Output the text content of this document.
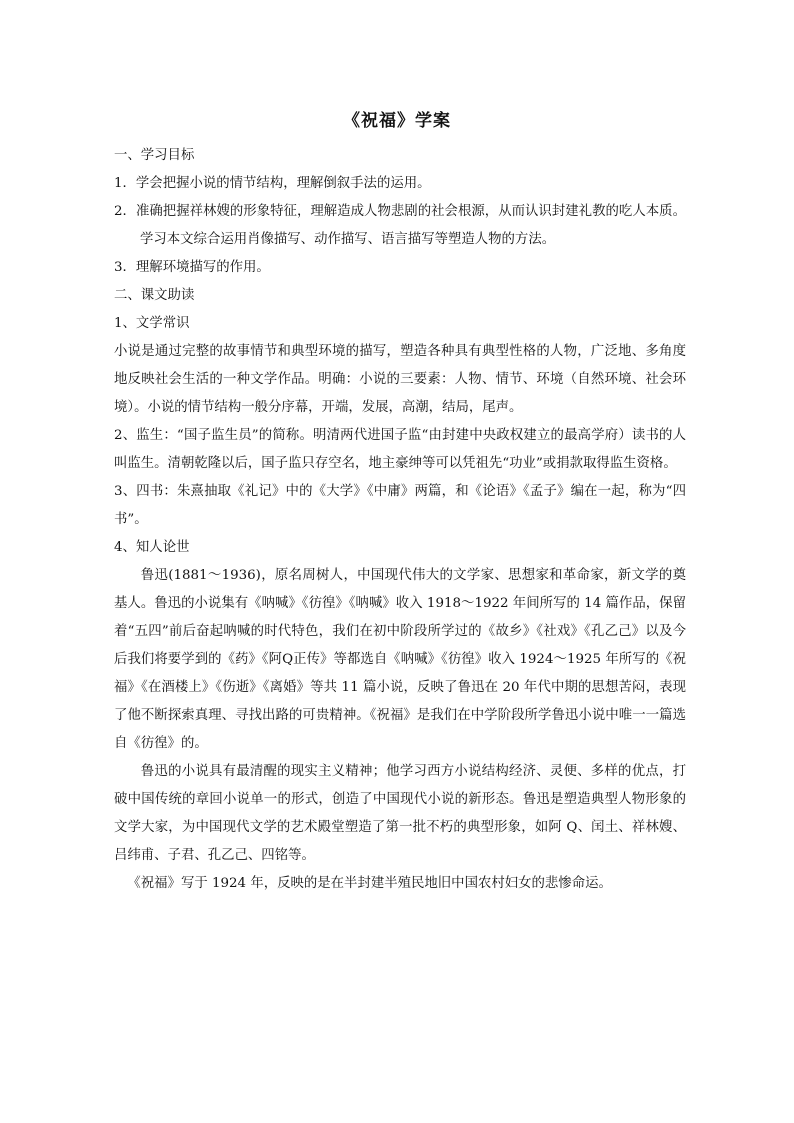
《祝福》学案

一、学习目标

1．学会把握小说的情节结构，理解倒叙手法的运用。

2．准确把握祥林嫂的形象特征，理解造成人物悲剧的社会根源，从而认识封建礼教的吃人本质。学习本文综合运用肖像描写、动作描写、语言描写等塑造人物的方法。

3．理解环境描写的作用。

二、课文助读

1、文学常识

小说是通过完整的故事情节和典型环境的描写，塑造各种具有典型性格的人物，广泛地、多角度地反映社会生活的一种文学作品。明确：小说的三要素：人物、情节、环境（自然环境、社会环境）。小说的情节结构一般分序幕，开端，发展，高潮，结局，尾声。

2、监生：“国子监生员”的简称。明清两代进国子监“由封建中央政权建立的最高学府）读书的人叫监生。清朝乾隆以后，国子监只存空名，地主豪绅等可以凭祖先“功业”或捐款取得监生资格。

3、四书：朱熹抽取《礼记》中的《大学》《中庸》两篇，和《论语》《孟子》编在一起，称为“四书”。

4、知人论世

鲁迅(1881～1936)，原名周树人，中国现代伟大的文学家、思想家和革命家，新文学的奠基人。鲁迅的小说集有《呐喊》《彷徨》《呐喊》收入 1918～1922 年间所写的 14 篇作品，保留着“五四”前后奋起呐喊的时代特色，我们在初中阶段所学过的《故乡》《社戏》《孔乙己》以及今后我们将要学到的《药》《阿Q正传》等都选自《呐喊》《彷徨》收入 1924～1925 年所写的《祝福》《在酒楼上》《伤逝》《离婚》等共 11 篇小说，反映了鲁迅在 20 年代中期的思想苦闷，表现了他不断探索真理、寻找出路的可贵精神。《祝福》是我们在中学阶段所学鲁迅小说中唯一一篇选自《彷徨》的。

鲁迅的小说具有最清醒的现实主义精神；他学习西方小说结构经济、灵便、多样的优点，打破中国传统的章回小说单一的形式，创造了中国现代小说的新形态。鲁迅是塑造典型人物形象的文学大家，为中国现代文学的艺术殿堂塑造了第一批不朽的典型形象，如阿 Q、闰土、祥林嫂、吕纬甫、子君、孔乙己、四铭等。

《祝福》写于 1924 年，反映的是在半封建半殖民地旧中国农村妇女的悲惨命运。
